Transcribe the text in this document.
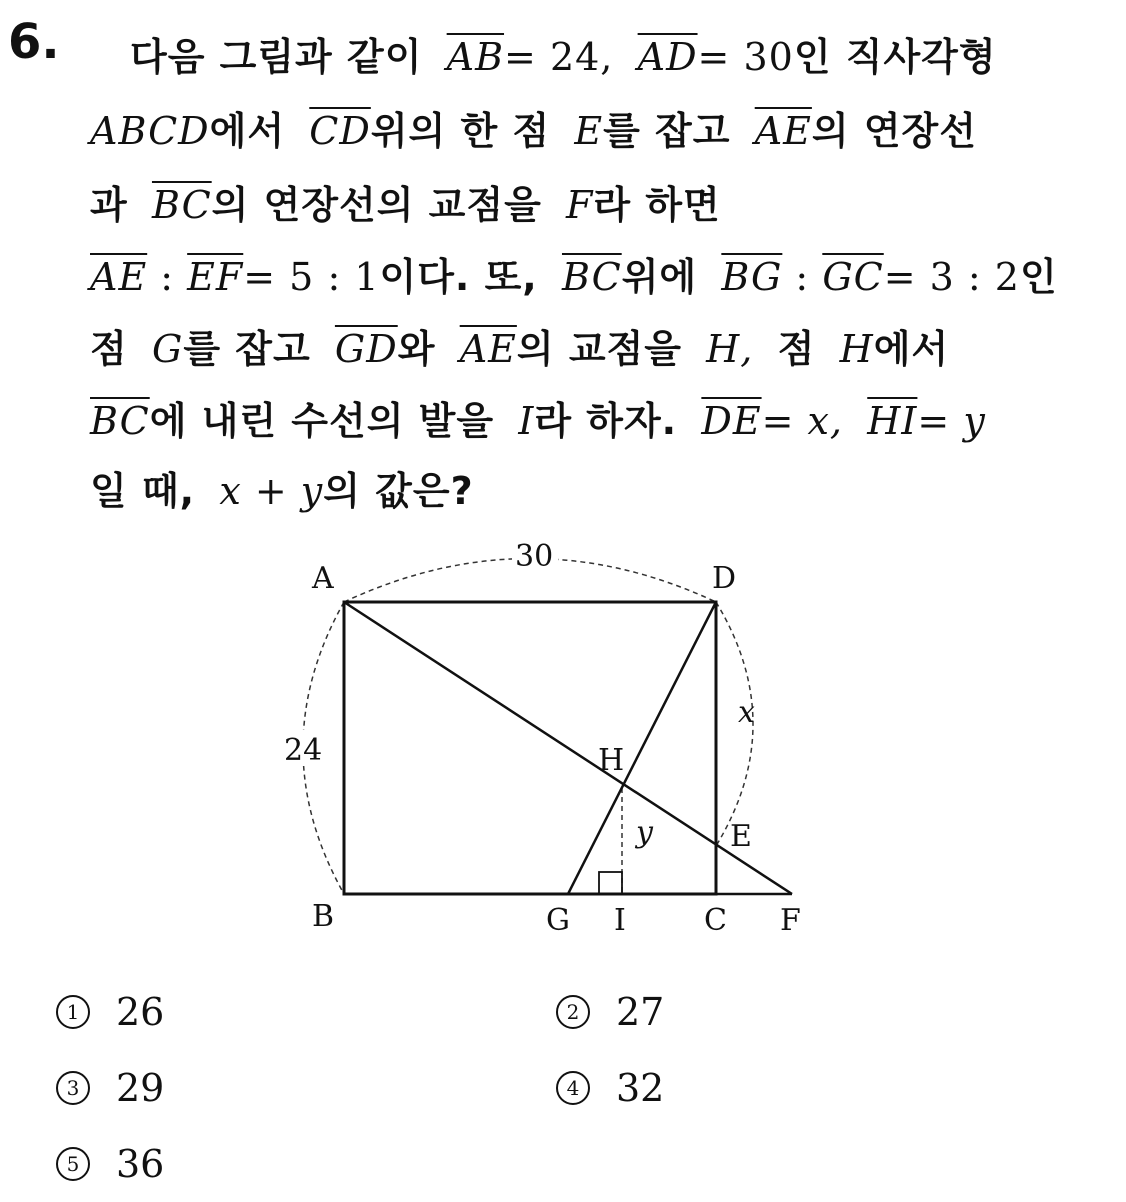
6. 다음 그림과 같이 $\overline{AB}= 24$, $\overline{AD}= 30$인 직사각형
ABCD에서 $\overline{CD}$위의 한 점 E를 잡고 $\overline{AE}$의 연장선
과 $\overline{BC}$의 연장선의 교점을 F라 하면
$\overline{AE}$ : $\overline{EF}= 5$ : 1이다. 또, $\overline{BC}$위에 $\overline{BG}$ : $\overline{GC}= 3$ : 2인
점 G를 잡고 $\overline{GD}$와 $\overline{AE}$의 교점을 H, 점 H에서
$\overline{BC}$에 내린 수선의 발을 I라 하자. $\overline{DE}= x$, $\overline{HI}= y$
일 때, x + y의 값은?
A	D
B	G I	C F
H
E
30
24
x
y
1 26	2 27
3 29	4 32
5 36
